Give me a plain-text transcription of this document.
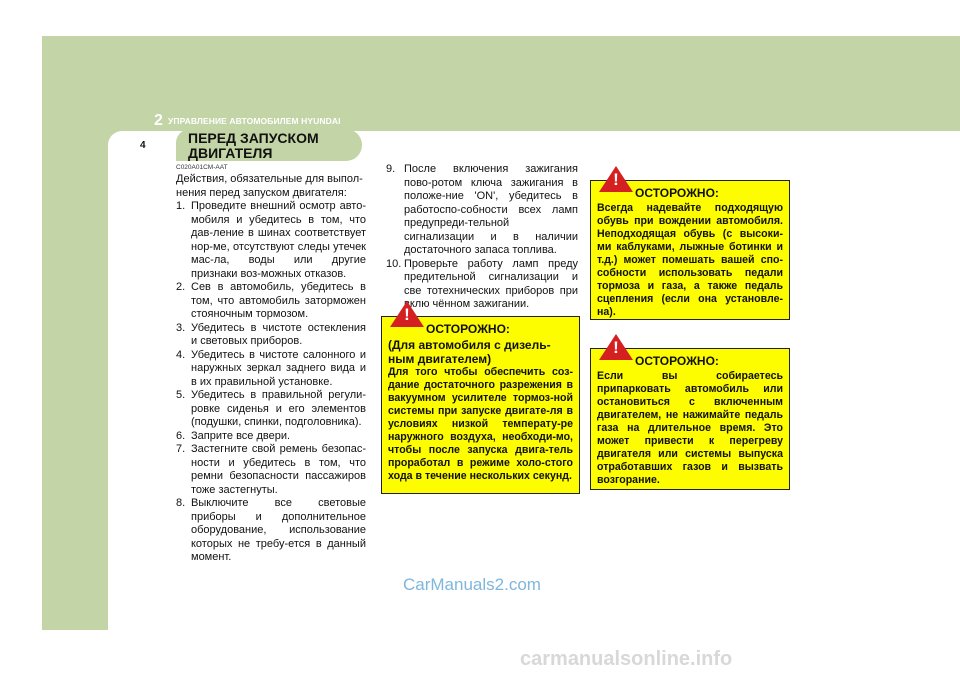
2 УПРАВЛЕНИЕ АВТОМОБИЛЕМ HYUNDAI
4	ПЕРЕД ЗАПУСКОМ
ДВИГАТЕЛЯ
C020A01CM-AAT

Действия, обязательные для выпол-нения перед запуском двигателя:

1. Проведите внешний осмотр авто-мобиля и убедитесь в том, что дав-ление в шинах соответствует нор-ме, отсутствуют следы утечек мас-ла, воды или другие признаки воз-можных отказов.
2. Сев в автомобиль, убедитесь в том, что автомобиль заторможен стояночным тормозом.
3. Убедитесь в чистоте остекления и световых приборов.
4. Убедитесь в чистоте салонного и наружных зеркал заднего вида и в их правильной установке.
5. Убедитесь в правильной регули-ровке сиденья и его элементов (подушки, спинки, подголовника).
6. Заприте все двери.
7. Застегните свой ремень безопас-ности и убедитесь в том, что ремни безопасности пассажиров тоже застегнуты.
8. Выключите все световые приборы и дополнительное оборудование, использование которых не требу-ется в данный момент.
9. После включения зажигания пово-ротом ключа зажигания в положе-ние 'ON', убедитесь в работоспо-собности всех ламп предупреди-тельной сигнализации и в наличии достаточного запаса топлива.
10. Проверьте работу ламп преду предительной сигнализации и све тотехнических приборов при вклю чённом зажигании.
ОСТОРОЖНО:
(Для автомобиля с дизель-ным двигателем)
Для того чтобы обеспечить соз-дание достаточного разрежения в вакуумном усилителе тормоз-ной системы при запуске двигате-ля в условиях низкой температу-ре наружного воздуха, необходи-мо, чтобы после запуска двига-тель проработал в режиме холо-стого хода в течение нескольких секунд.
!
ОСТОРОЖНО:
Всегда надевайте подходящую обувь при вождении автомобиля. Неподходящая обувь (с высоки-ми каблуками, лыжные ботинки и т.д.) может помешать вашей спо-собности использовать педали тормоза и газа, а также педаль сцепления (если она установле-на).
!
ОСТОРОЖНО:
Если вы собираетесь припарковать автомобиль или остановиться с включенным двигателем, не нажимайте педаль газа на длительное время. Это может привести к перегреву двигателя или системы выпуска отработавших газов и вызвать возгорание.
!
CarManuals2.com
carmanualsonline.info
